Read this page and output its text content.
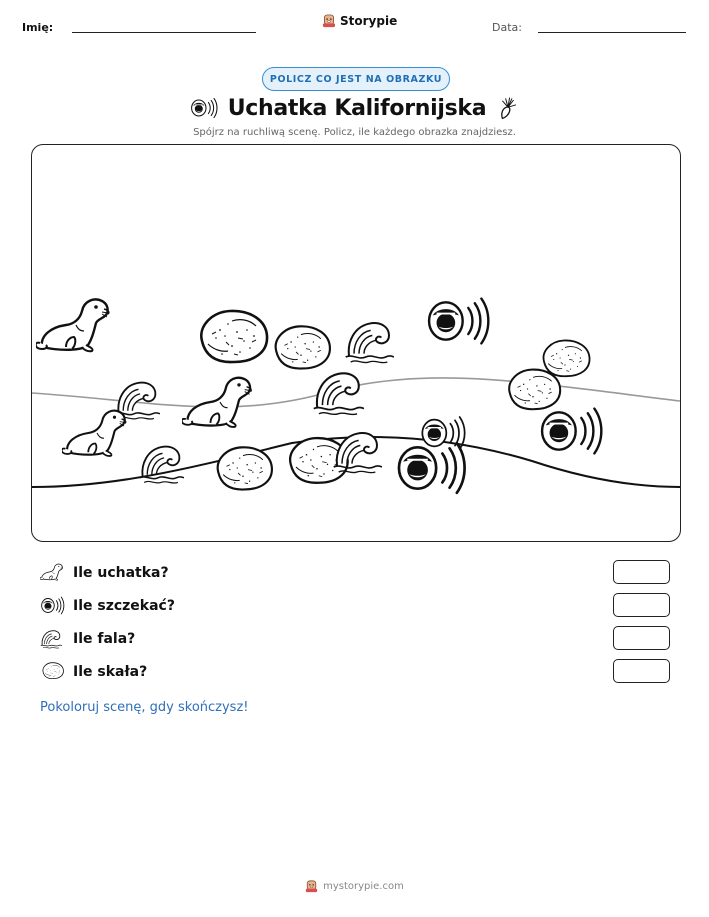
Imię:	Storypie	Data:
POLICZ CO JEST NA OBRAZKU
Uchatka Kalifornijska
Spójrz na ruchliwą scenę. Policz, ile każdego obrazka znajdziesz.
Ile uchatka?
Ile szczekać?
Ile fala?
Ile skała?
Pokoloruj scenę, gdy skończysz!
mystorypie.com
